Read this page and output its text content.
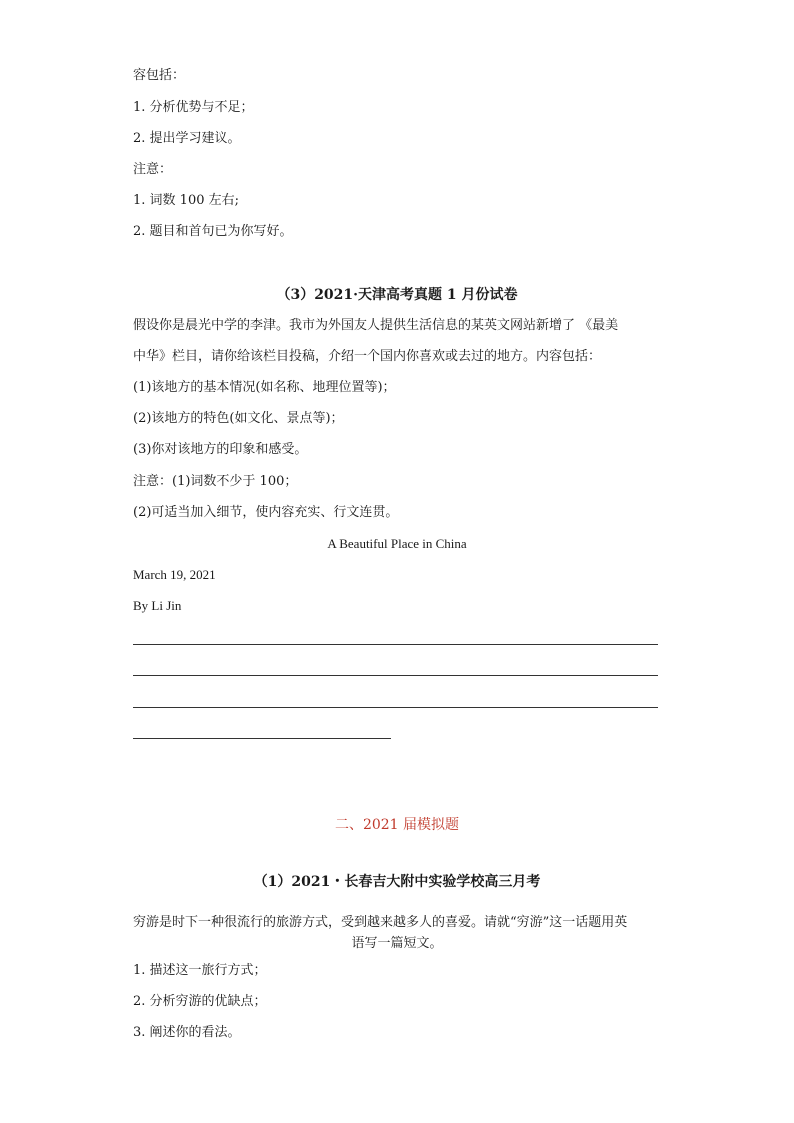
容包括：
1. 分析优势与不足；
2. 提出学习建议。
注意：
1. 词数 100 左右;
2. 题目和首句已为你写好。
（3）2021·天津高考真题 1 月份试卷
假设你是晨光中学的李津。我市为外国友人提供生活信息的某英文网站新增了 《最美
中华》栏目，请你给该栏目投稿，介绍一个国内你喜欢或去过的地方。内容包括：
(1)该地方的基本情况(如名称、地理位置等)；
(2)该地方的特色(如文化、景点等)；
(3)你对该地方的印象和感受。
注意：(1)词数不少于 100；
(2)可适当加入细节，使内容充实、行文连贯。
A Beautiful Place in China
March 19, 2021
By Li Jin
二、2021 届模拟题
（1）2021・长春吉大附中实验学校高三月考
穷游是时下一种很流行的旅游方式，受到越来越多人的喜爱。请就“穷游”这一话题用英
语写一篇短文。
1. 描述这一旅行方式；
2. 分析穷游的优缺点；
3. 阐述你的看法。
